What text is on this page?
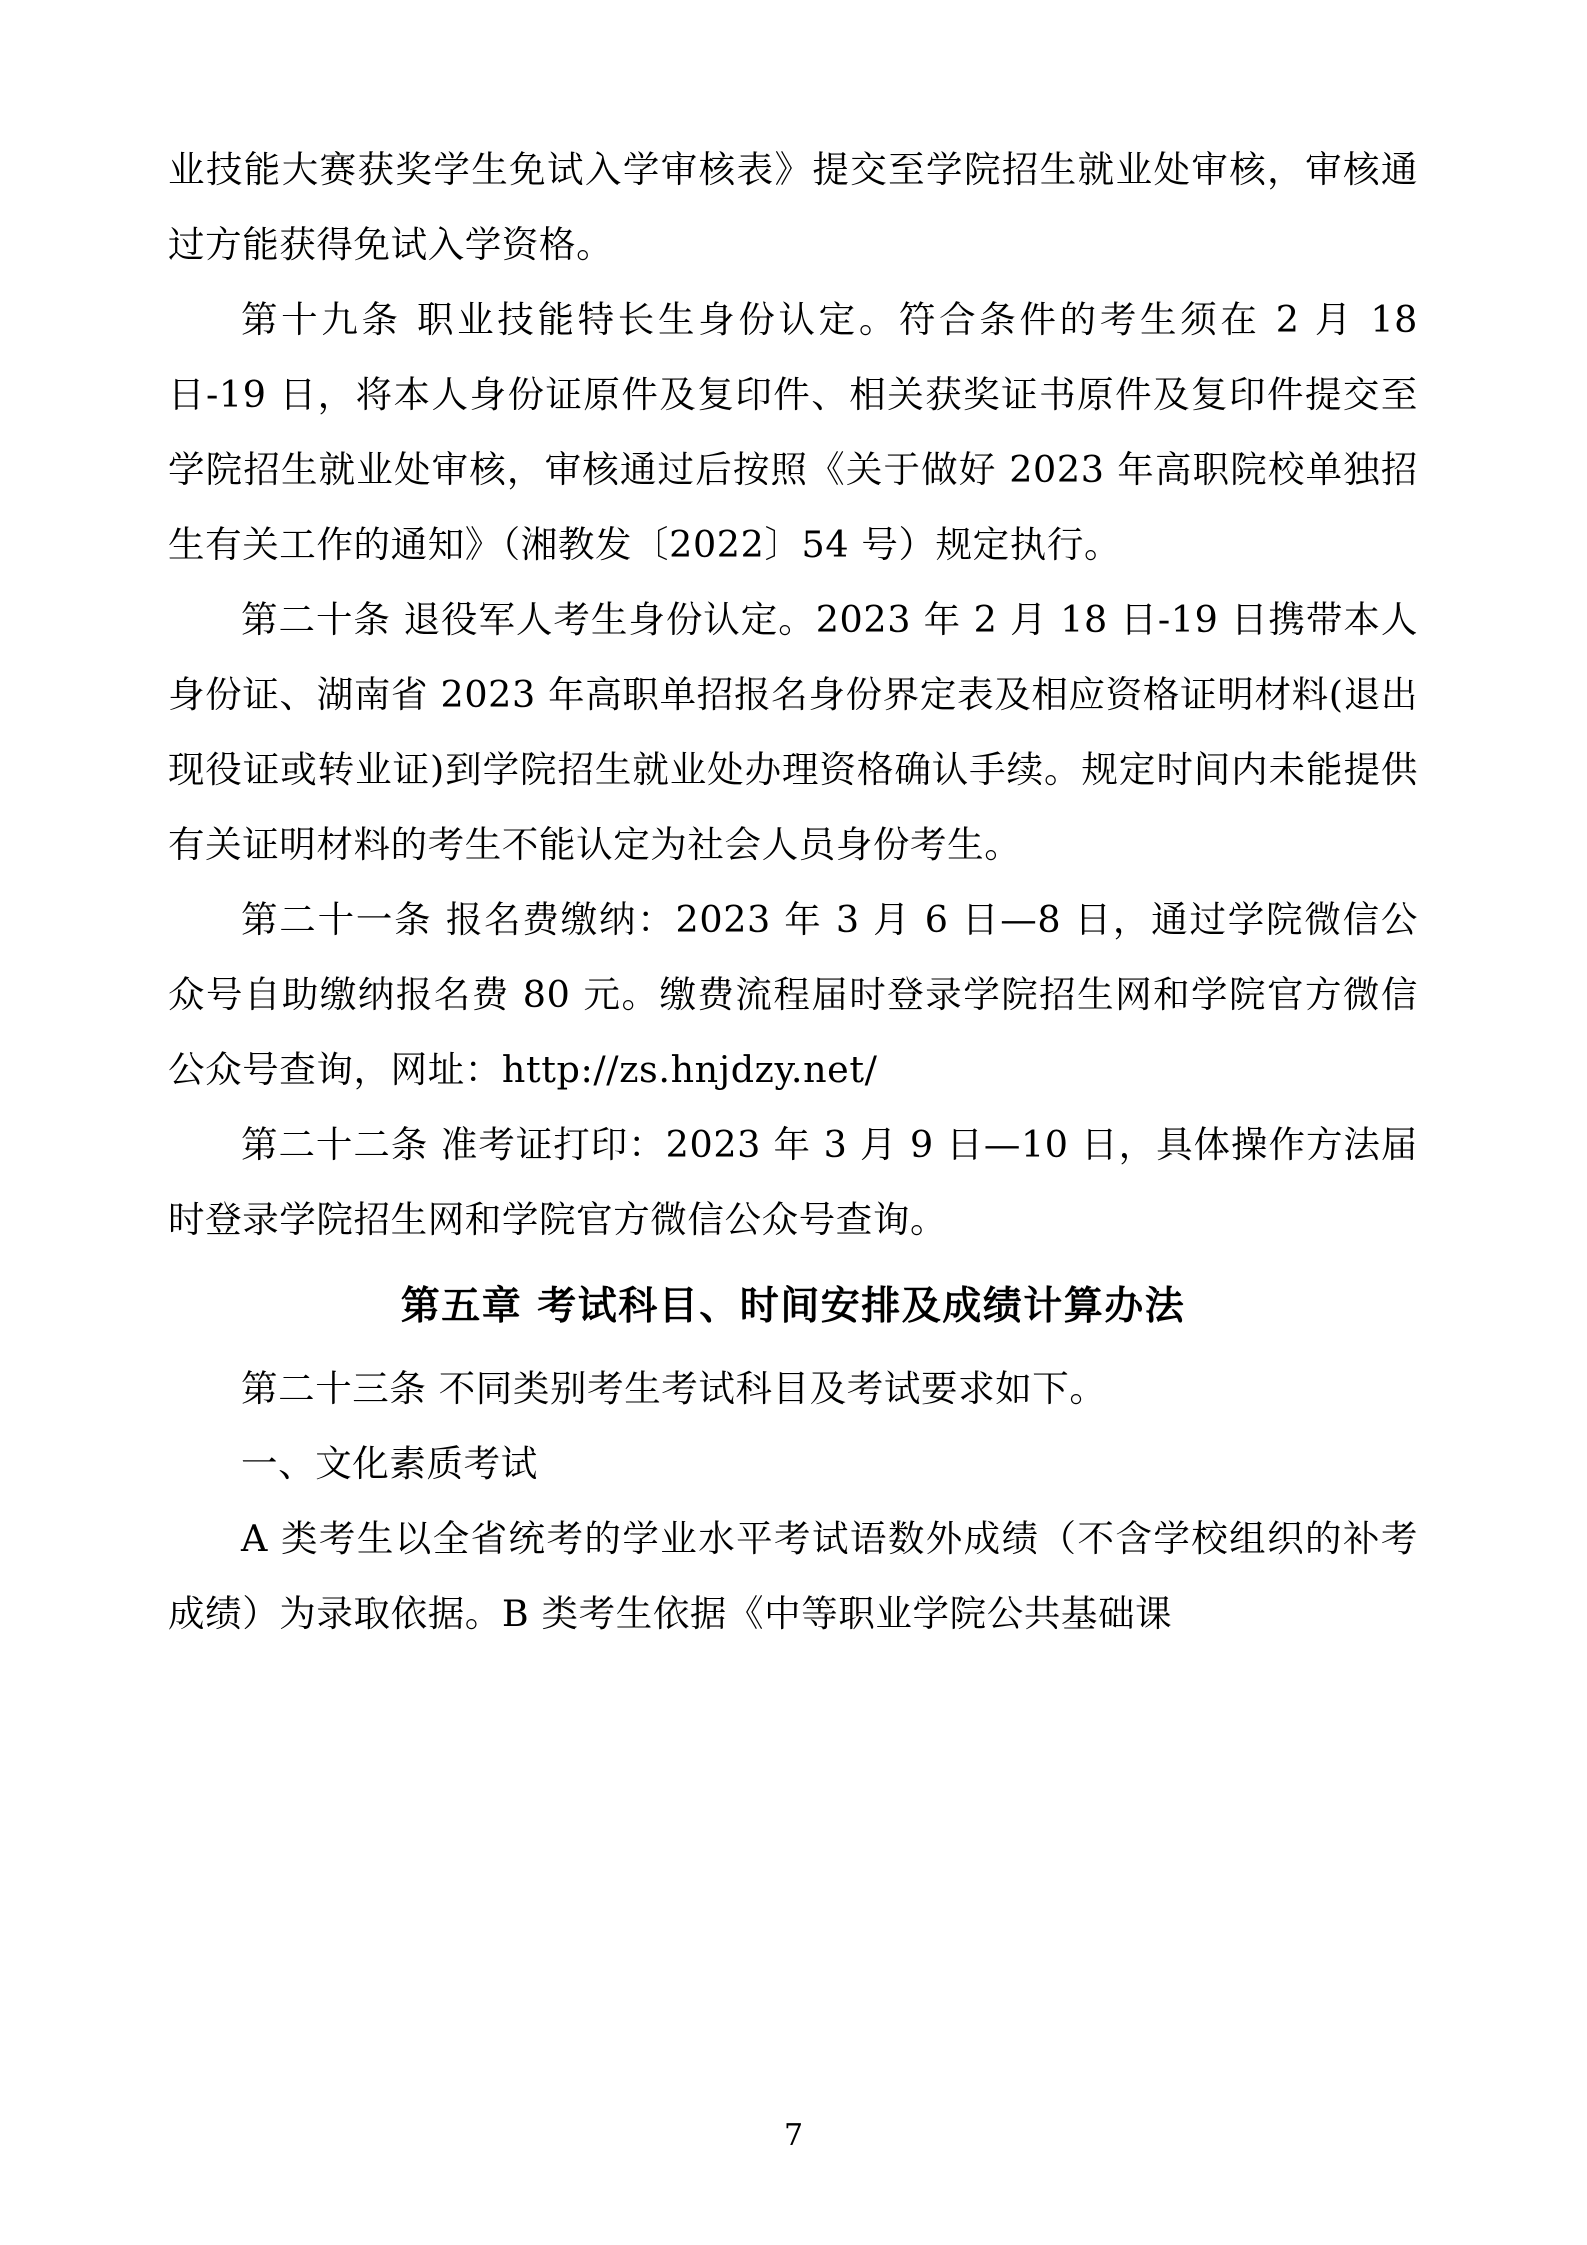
业技能大赛获奖学生免试入学审核表》提交至学院招生就业处审核，审核通过方能获得免试入学资格。

第十九条 职业技能特长生身份认定。符合条件的考生须在 2 月 18 日-19 日，将本人身份证原件及复印件、相关获奖证书原件及复印件提交至学院招生就业处审核，审核通过后按照《关于做好 2023 年高职院校单独招生有关工作的通知》（湘教发〔2022〕54 号）规定执行。

第二十条 退役军人考生身份认定。2023 年 2 月 18 日-19 日携带本人身份证、湖南省 2023 年高职单招报名身份界定表及相应资格证明材料(退出现役证或转业证)到学院招生就业处办理资格确认手续。规定时间内未能提供有关证明材料的考生不能认定为社会人员身份考生。

第二十一条 报名费缴纳：2023 年 3 月 6 日—8 日，通过学院微信公众号自助缴纳报名费 80 元。缴费流程届时登录学院招生网和学院官方微信公众号查询，网址：http://zs.hnjdzy.net/

第二十二条 准考证打印：2023 年 3 月 9 日—10 日，具体操作方法届时登录学院招生网和学院官方微信公众号查询。

第五章 考试科目、时间安排及成绩计算办法

第二十三条 不同类别考生考试科目及考试要求如下。

一、文化素质考试

A 类考生以全省统考的学业水平考试语数外成绩（不含学校组织的补考成绩）为录取依据。B 类考生依据《中等职业学院公共基础课

7
